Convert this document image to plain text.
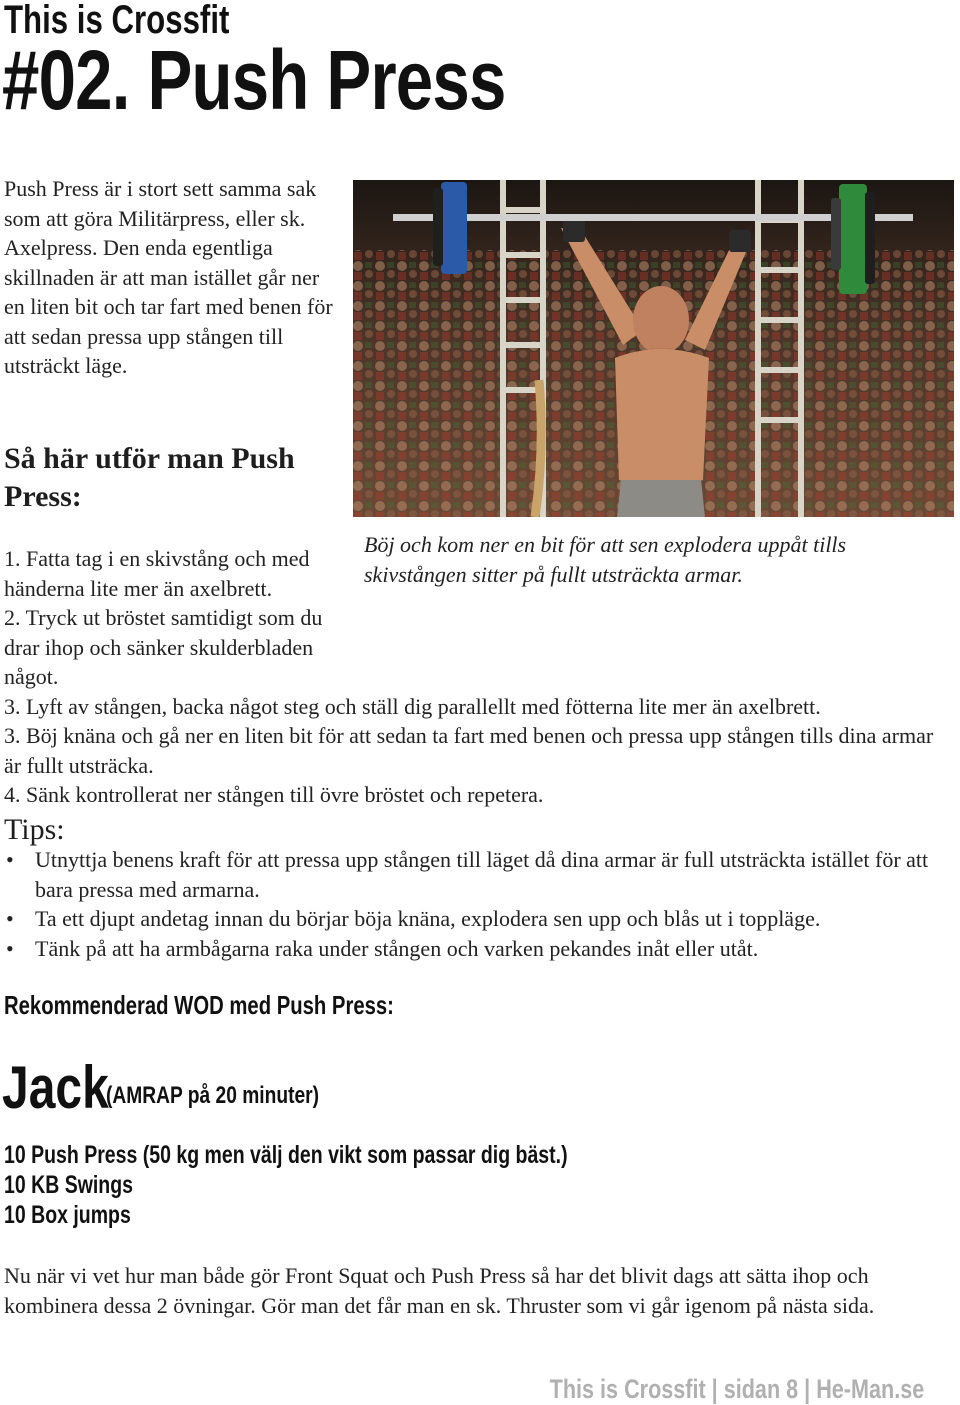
This is Crossfit
#02. Push Press
Push Press är i stort sett samma sak som att göra Militärpress, eller sk. Axelpress. Den enda egentliga skillnaden är att man istället går ner en liten bit och tar fart med benen för att sedan pressa upp stången till utsträckt läge.
Så här utför man Push Press:
Böj och kom ner en bit för att sen explodera uppåt tills skivstången sitter på fullt utsträckta armar.

1. Fatta tag i en skivstång och med händerna lite mer än axelbrett.

2. Tryck ut bröstet samtidigt som du drar ihop och sänker skulderbladen något.

3. Lyft av stången, backa något steg och ställ dig parallellt med fötterna lite mer än axelbrett.

3. Böj knäna och gå ner en liten bit för att sedan ta fart med benen och pressa upp stången tills dina armar är fullt utsträcka.

4. Sänk kontrollerat ner stången till övre bröstet och repetera.

Tips:
• Utnyttja benens kraft för att pressa upp stången till läget då dina armar är full utsträckta istället för att bara pressa med armarna.
• Ta ett djupt andetag innan du börjar böja knäna, explodera sen upp och blås ut i toppläge.
• Tänk på att ha armbågarna raka under stången och varken pekandes inåt eller utåt.
Rekommenderad WOD med Push Press:
Jack
(AMRAP på 20 minuter)
10 Push Press (50 kg men välj den vikt som passar dig bäst.)
10 KB Swings
10 Box jumps
Nu när vi vet hur man både gör Front Squat och Push Press så har det blivit dags att sätta ihop och kombinera dessa 2 övningar. Gör man det får man en sk. Thruster som vi går igenom på nästa sida.
This is Crossfit | sidan 8 | He-Man.se
